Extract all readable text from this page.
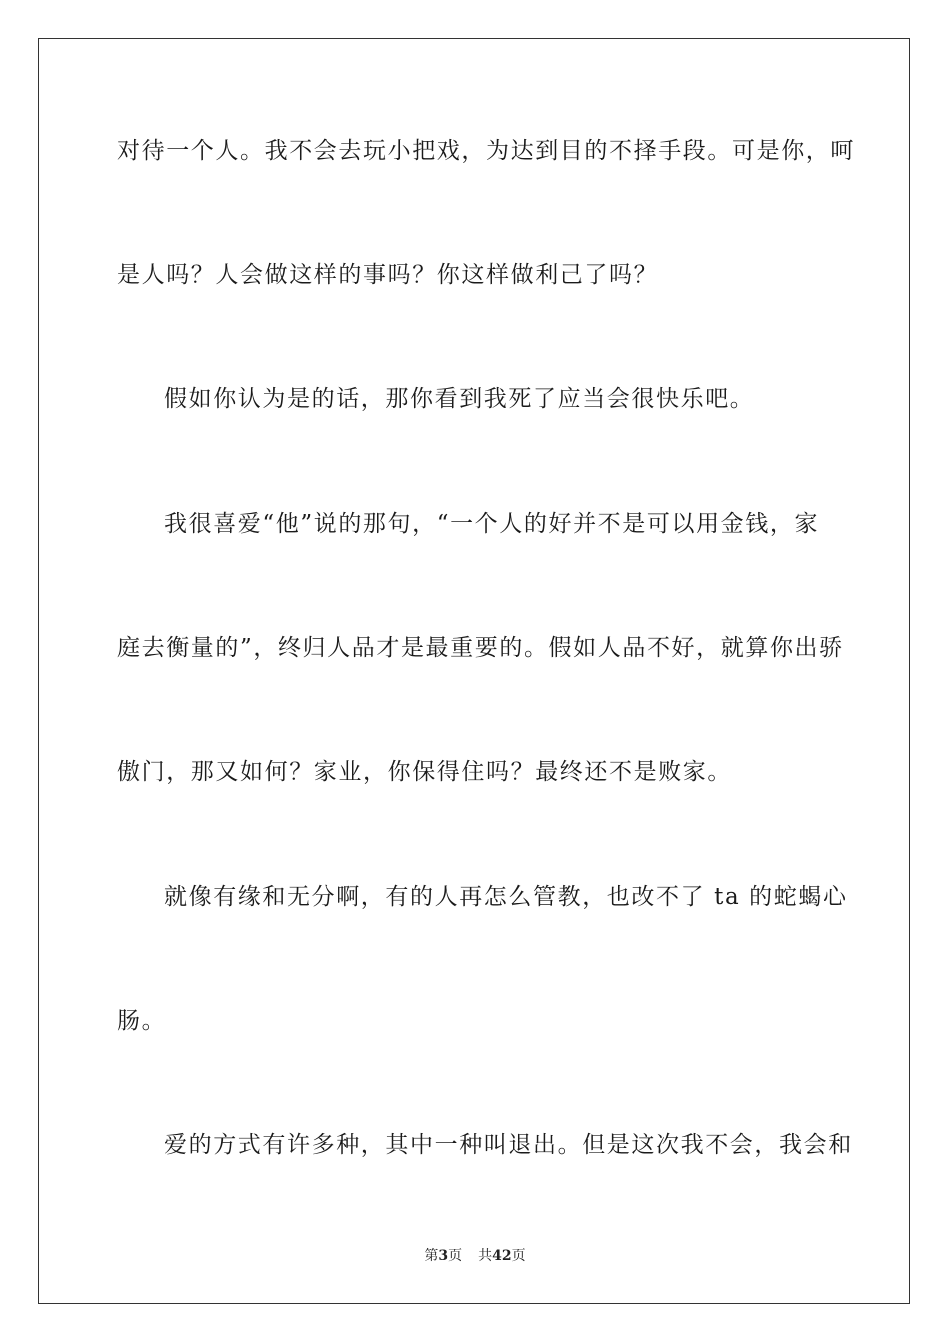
对待一个人。我不会去玩小把戏，为达到目的不择手段。可是你，呵
是人吗？人会做这样的事吗？你这样做利己了吗？
假如你认为是的话，那你看到我死了应当会很快乐吧。
我很喜爱“他”说的那句，“一个人的好并不是可以用金钱，家
庭去衡量的”，终归人品才是最重要的。假如人品不好，就算你出骄
傲门，那又如何？家业，你保得住吗？最终还不是败家。
就像有缘和无分啊，有的人再怎么管教，也改不了 ta 的蛇蝎心
肠。
爱的方式有许多种，其中一种叫退出。但是这次我不会，我会和
第3页 共42页
